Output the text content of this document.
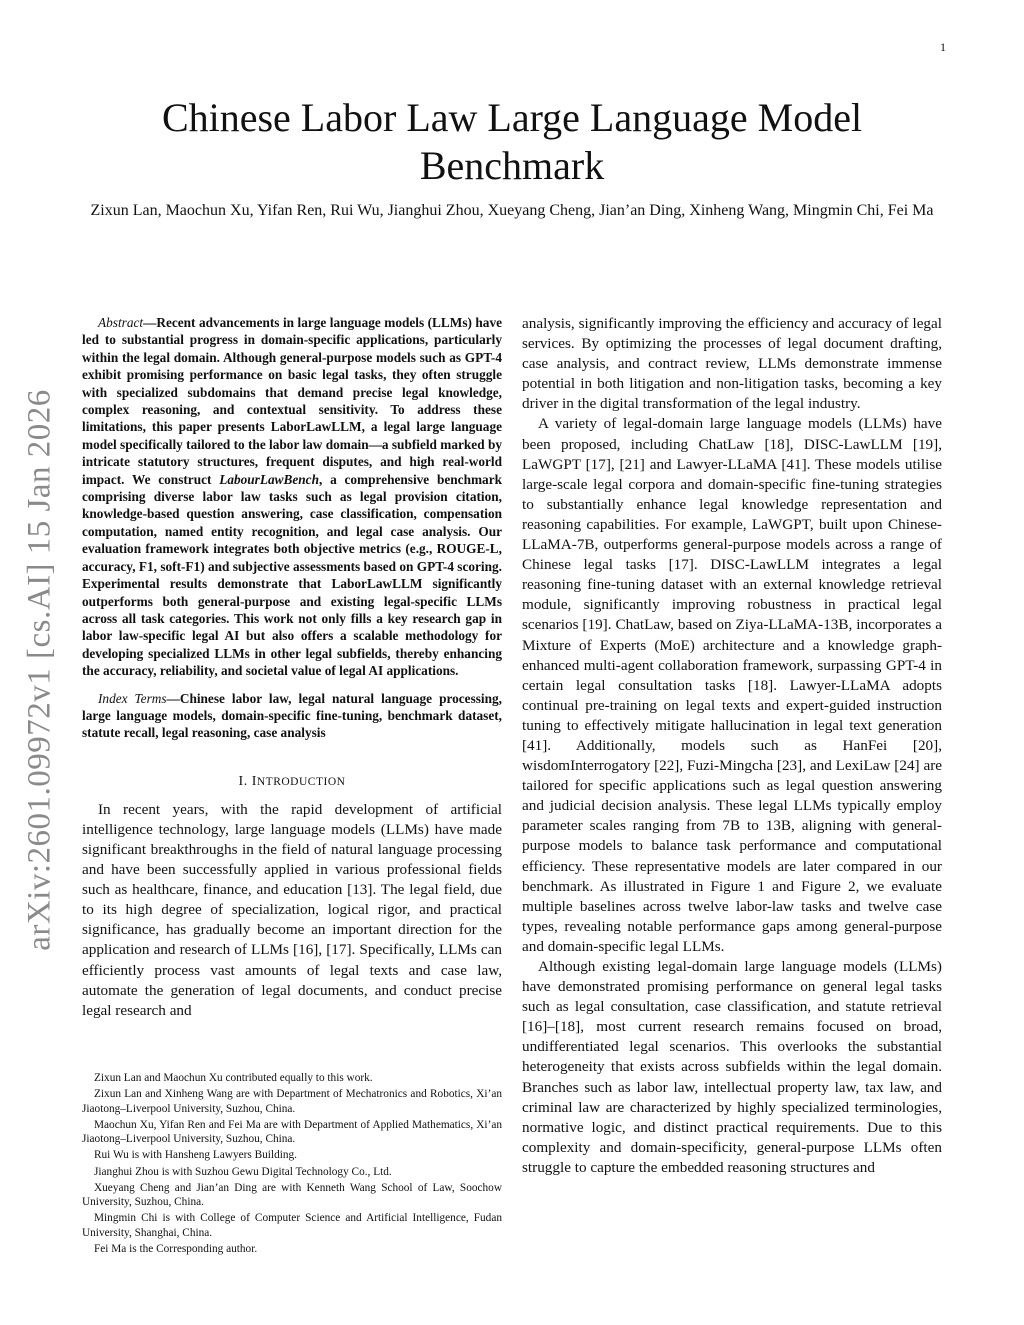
1
arXiv:2601.09972v1 [cs.AI] 15 Jan 2026
Chinese Labor Law Large Language Model Benchmark
Zixun Lan, Maochun Xu, Yifan Ren, Rui Wu, Jianghui Zhou, Xueyang Cheng, Jian’an Ding, Xinheng Wang, Mingmin Chi, Fei Ma

Abstract—Recent advancements in large language models (LLMs) have led to substantial progress in domain-specific applications, particularly within the legal domain. Although general-purpose models such as GPT-4 exhibit promising performance on basic legal tasks, they often struggle with specialized subdomains that demand precise legal knowledge, complex reasoning, and contextual sensitivity. To address these limitations, this paper presents LaborLawLLM, a legal large language model specifically tailored to the labor law domain—a subfield marked by intricate statutory structures, frequent disputes, and high real-world impact. We construct LabourLawBench, a comprehensive benchmark comprising diverse labor law tasks such as legal provision citation, knowledge-based question answering, case classification, compensation computation, named entity recognition, and legal case analysis. Our evaluation framework integrates both objective metrics (e.g., ROUGE-L, accuracy, F1, soft-F1) and subjective assessments based on GPT-4 scoring. Experimental results demonstrate that LaborLawLLM significantly outperforms both general-purpose and existing legal-specific LLMs across all task categories. This work not only fills a key research gap in labor law-specific legal AI but also offers a scalable methodology for developing specialized LLMs in other legal subfields, thereby enhancing the accuracy, reliability, and societal value of legal AI applications.

Index Terms—Chinese labor law, legal natural language processing, large language models, domain-specific fine-tuning, benchmark dataset, statute recall, legal reasoning, case analysis

I. INTRODUCTION

In recent years, with the rapid development of artificial intelligence technology, large language models (LLMs) have made significant breakthroughs in the field of natural language processing and have been successfully applied in various professional fields such as healthcare, finance, and education [13]. The legal field, due to its high degree of specialization, logical rigor, and practical significance, has gradually become an important direction for the application and research of LLMs [16], [17]. Specifically, LLMs can efficiently process vast amounts of legal texts and case law, automate the generation of legal documents, and conduct precise legal research and

Zixun Lan and Maochun Xu contributed equally to this work.

Zixun Lan and Xinheng Wang are with Department of Mechatronics and Robotics, Xi’an Jiaotong–Liverpool University, Suzhou, China.

Maochun Xu, Yifan Ren and Fei Ma are with Department of Applied Mathematics, Xi’an Jiaotong–Liverpool University, Suzhou, China.

Rui Wu is with Hansheng Lawyers Building.

Jianghui Zhou is with Suzhou Gewu Digital Technology Co., Ltd.

Xueyang Cheng and Jian’an Ding are with Kenneth Wang School of Law, Soochow University, Suzhou, China.

Mingmin Chi is with College of Computer Science and Artificial Intelligence, Fudan University, Shanghai, China.

Fei Ma is the Corresponding author.

analysis, significantly improving the efficiency and accuracy of legal services. By optimizing the processes of legal document drafting, case analysis, and contract review, LLMs demonstrate immense potential in both litigation and non-litigation tasks, becoming a key driver in the digital transformation of the legal industry.

A variety of legal-domain large language models (LLMs) have been proposed, including ChatLaw [18], DISC-LawLLM [19], LaWGPT [17], [21] and Lawyer-LLaMA [41]. These models utilise large-scale legal corpora and domain-specific fine-tuning strategies to substantially enhance legal knowledge representation and reasoning capabilities. For example, LaWGPT, built upon Chinese-LLaMA-7B, outperforms general-purpose models across a range of Chinese legal tasks [17]. DISC-LawLLM integrates a legal reasoning fine-tuning dataset with an external knowledge retrieval module, significantly improving robustness in practical legal scenarios [19]. ChatLaw, based on Ziya-LLaMA-13B, incorporates a Mixture of Experts (MoE) architecture and a knowledge graph-enhanced multi-agent collaboration framework, surpassing GPT-4 in certain legal consultation tasks [18]. Lawyer-LLaMA adopts continual pre-training on legal texts and expert-guided instruction tuning to effectively mitigate hallucination in legal text generation [41]. Additionally, models such as HanFei [20], wisdomInterrogatory [22], Fuzi-Mingcha [23], and LexiLaw [24] are tailored for specific applications such as legal question answering and judicial decision analysis. These legal LLMs typically employ parameter scales ranging from 7B to 13B, aligning with general-purpose models to balance task performance and computational efficiency. These representative models are later compared in our benchmark. As illustrated in Figure 1 and Figure 2, we evaluate multiple baselines across twelve labor-law tasks and twelve case types, revealing notable performance gaps among general-purpose and domain-specific legal LLMs.

Although existing legal-domain large language models (LLMs) have demonstrated promising performance on general legal tasks such as legal consultation, case classification, and statute retrieval [16]–[18], most current research remains focused on broad, undifferentiated legal scenarios. This overlooks the substantial heterogeneity that exists across subfields within the legal domain. Branches such as labor law, intellectual property law, tax law, and criminal law are characterized by highly specialized terminologies, normative logic, and distinct practical requirements. Due to this complexity and domain-specificity, general-purpose LLMs often struggle to capture the embedded reasoning structures and
